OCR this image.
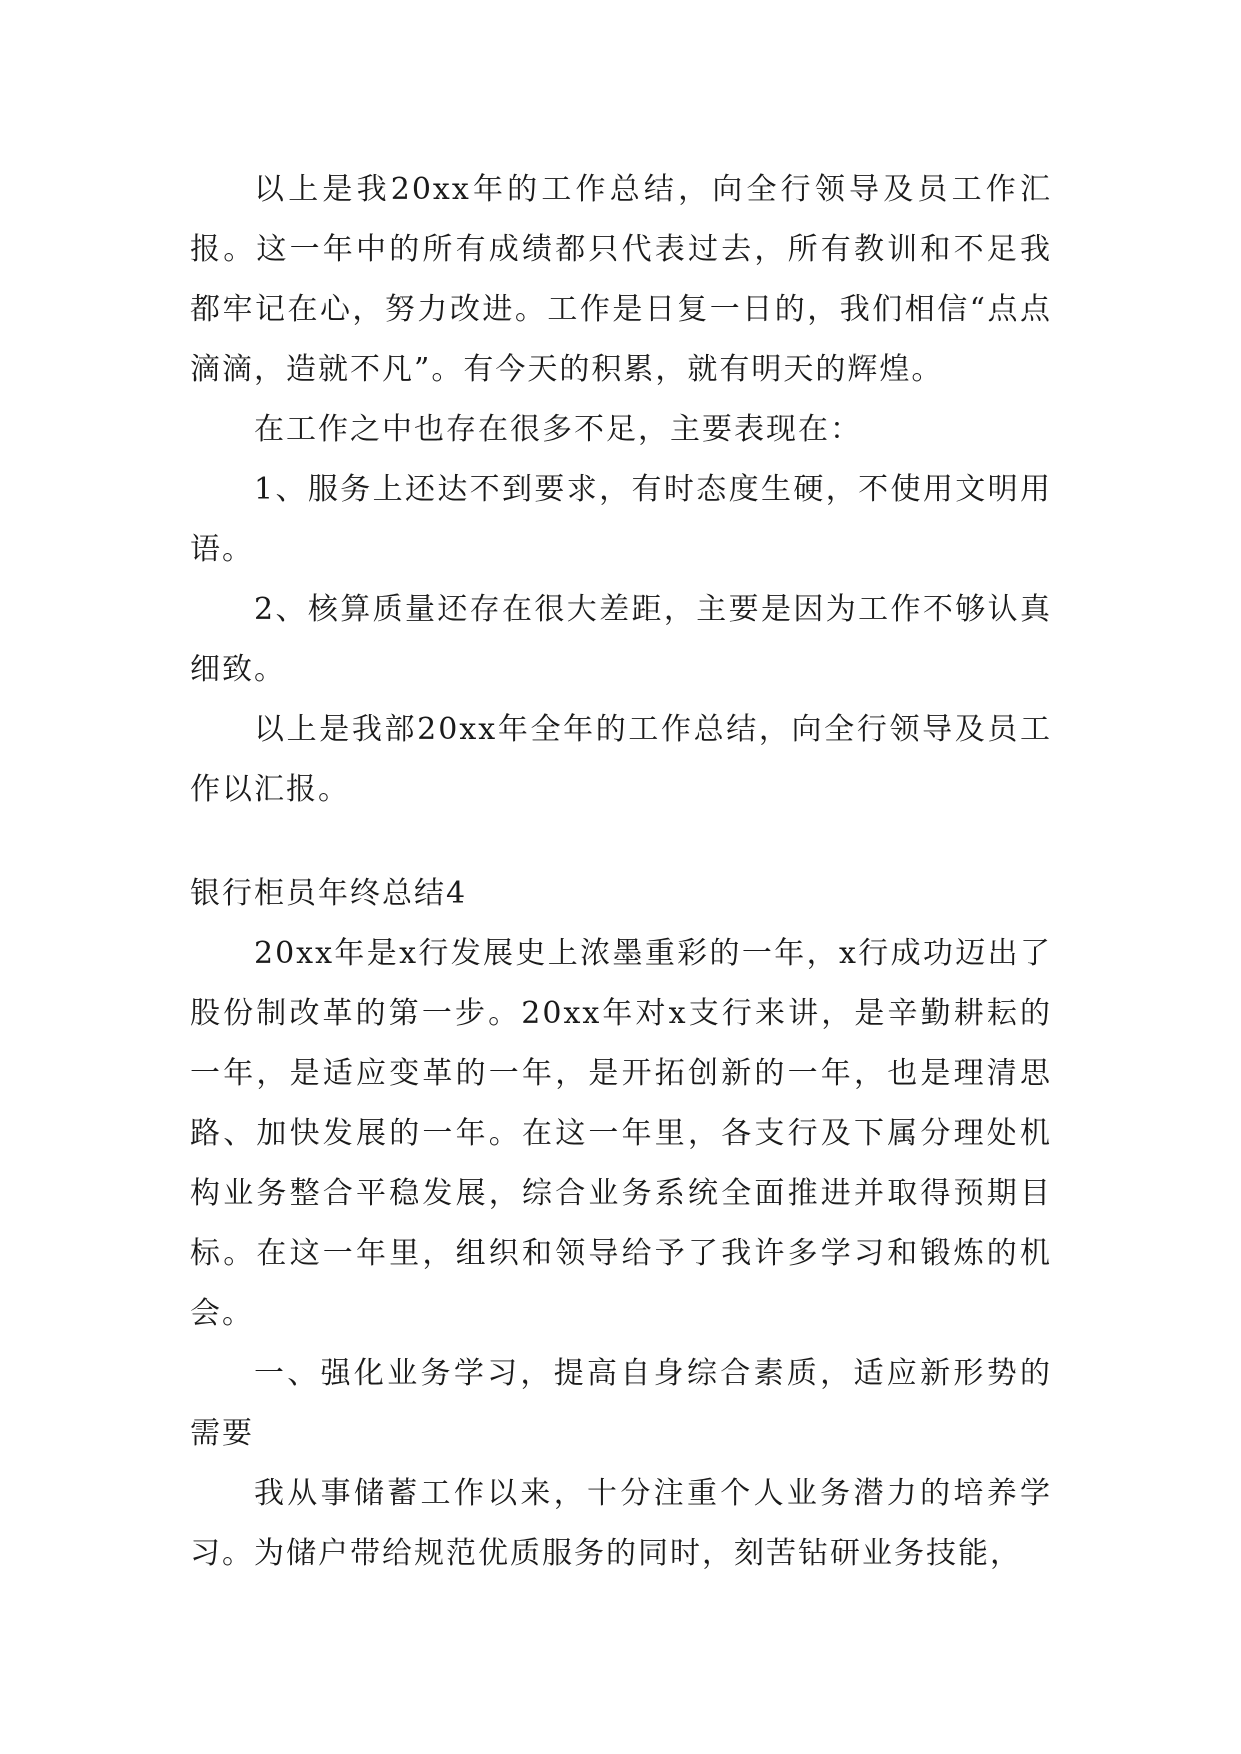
以上是我20xx年的工作总结，向全行领导及员工作汇报。这一年中的所有成绩都只代表过去，所有教训和不足我都牢记在心，努力改进。工作是日复一日的，我们相信“点点滴滴，造就不凡”。有今天的积累，就有明天的辉煌。

在工作之中也存在很多不足，主要表现在：

1、服务上还达不到要求，有时态度生硬，不使用文明用语。

2、核算质量还存在很大差距，主要是因为工作不够认真细致。

以上是我部20xx年全年的工作总结，向全行领导及员工作以汇报。

银行柜员年终总结4

20xx年是x行发展史上浓墨重彩的一年，x行成功迈出了股份制改革的第一步。20xx年对x支行来讲，是辛勤耕耘的一年，是适应变革的一年，是开拓创新的一年，也是理清思路、加快发展的一年。在这一年里，各支行及下属分理处机构业务整合平稳发展，综合业务系统全面推进并取得预期目标。在这一年里，组织和领导给予了我许多学习和锻炼的机会。

一、强化业务学习，提高自身综合素质，适应新形势的需要

我从事储蓄工作以来，十分注重个人业务潜力的培养学习。为储户带给规范优质服务的同时，刻苦钻研业务技能，
